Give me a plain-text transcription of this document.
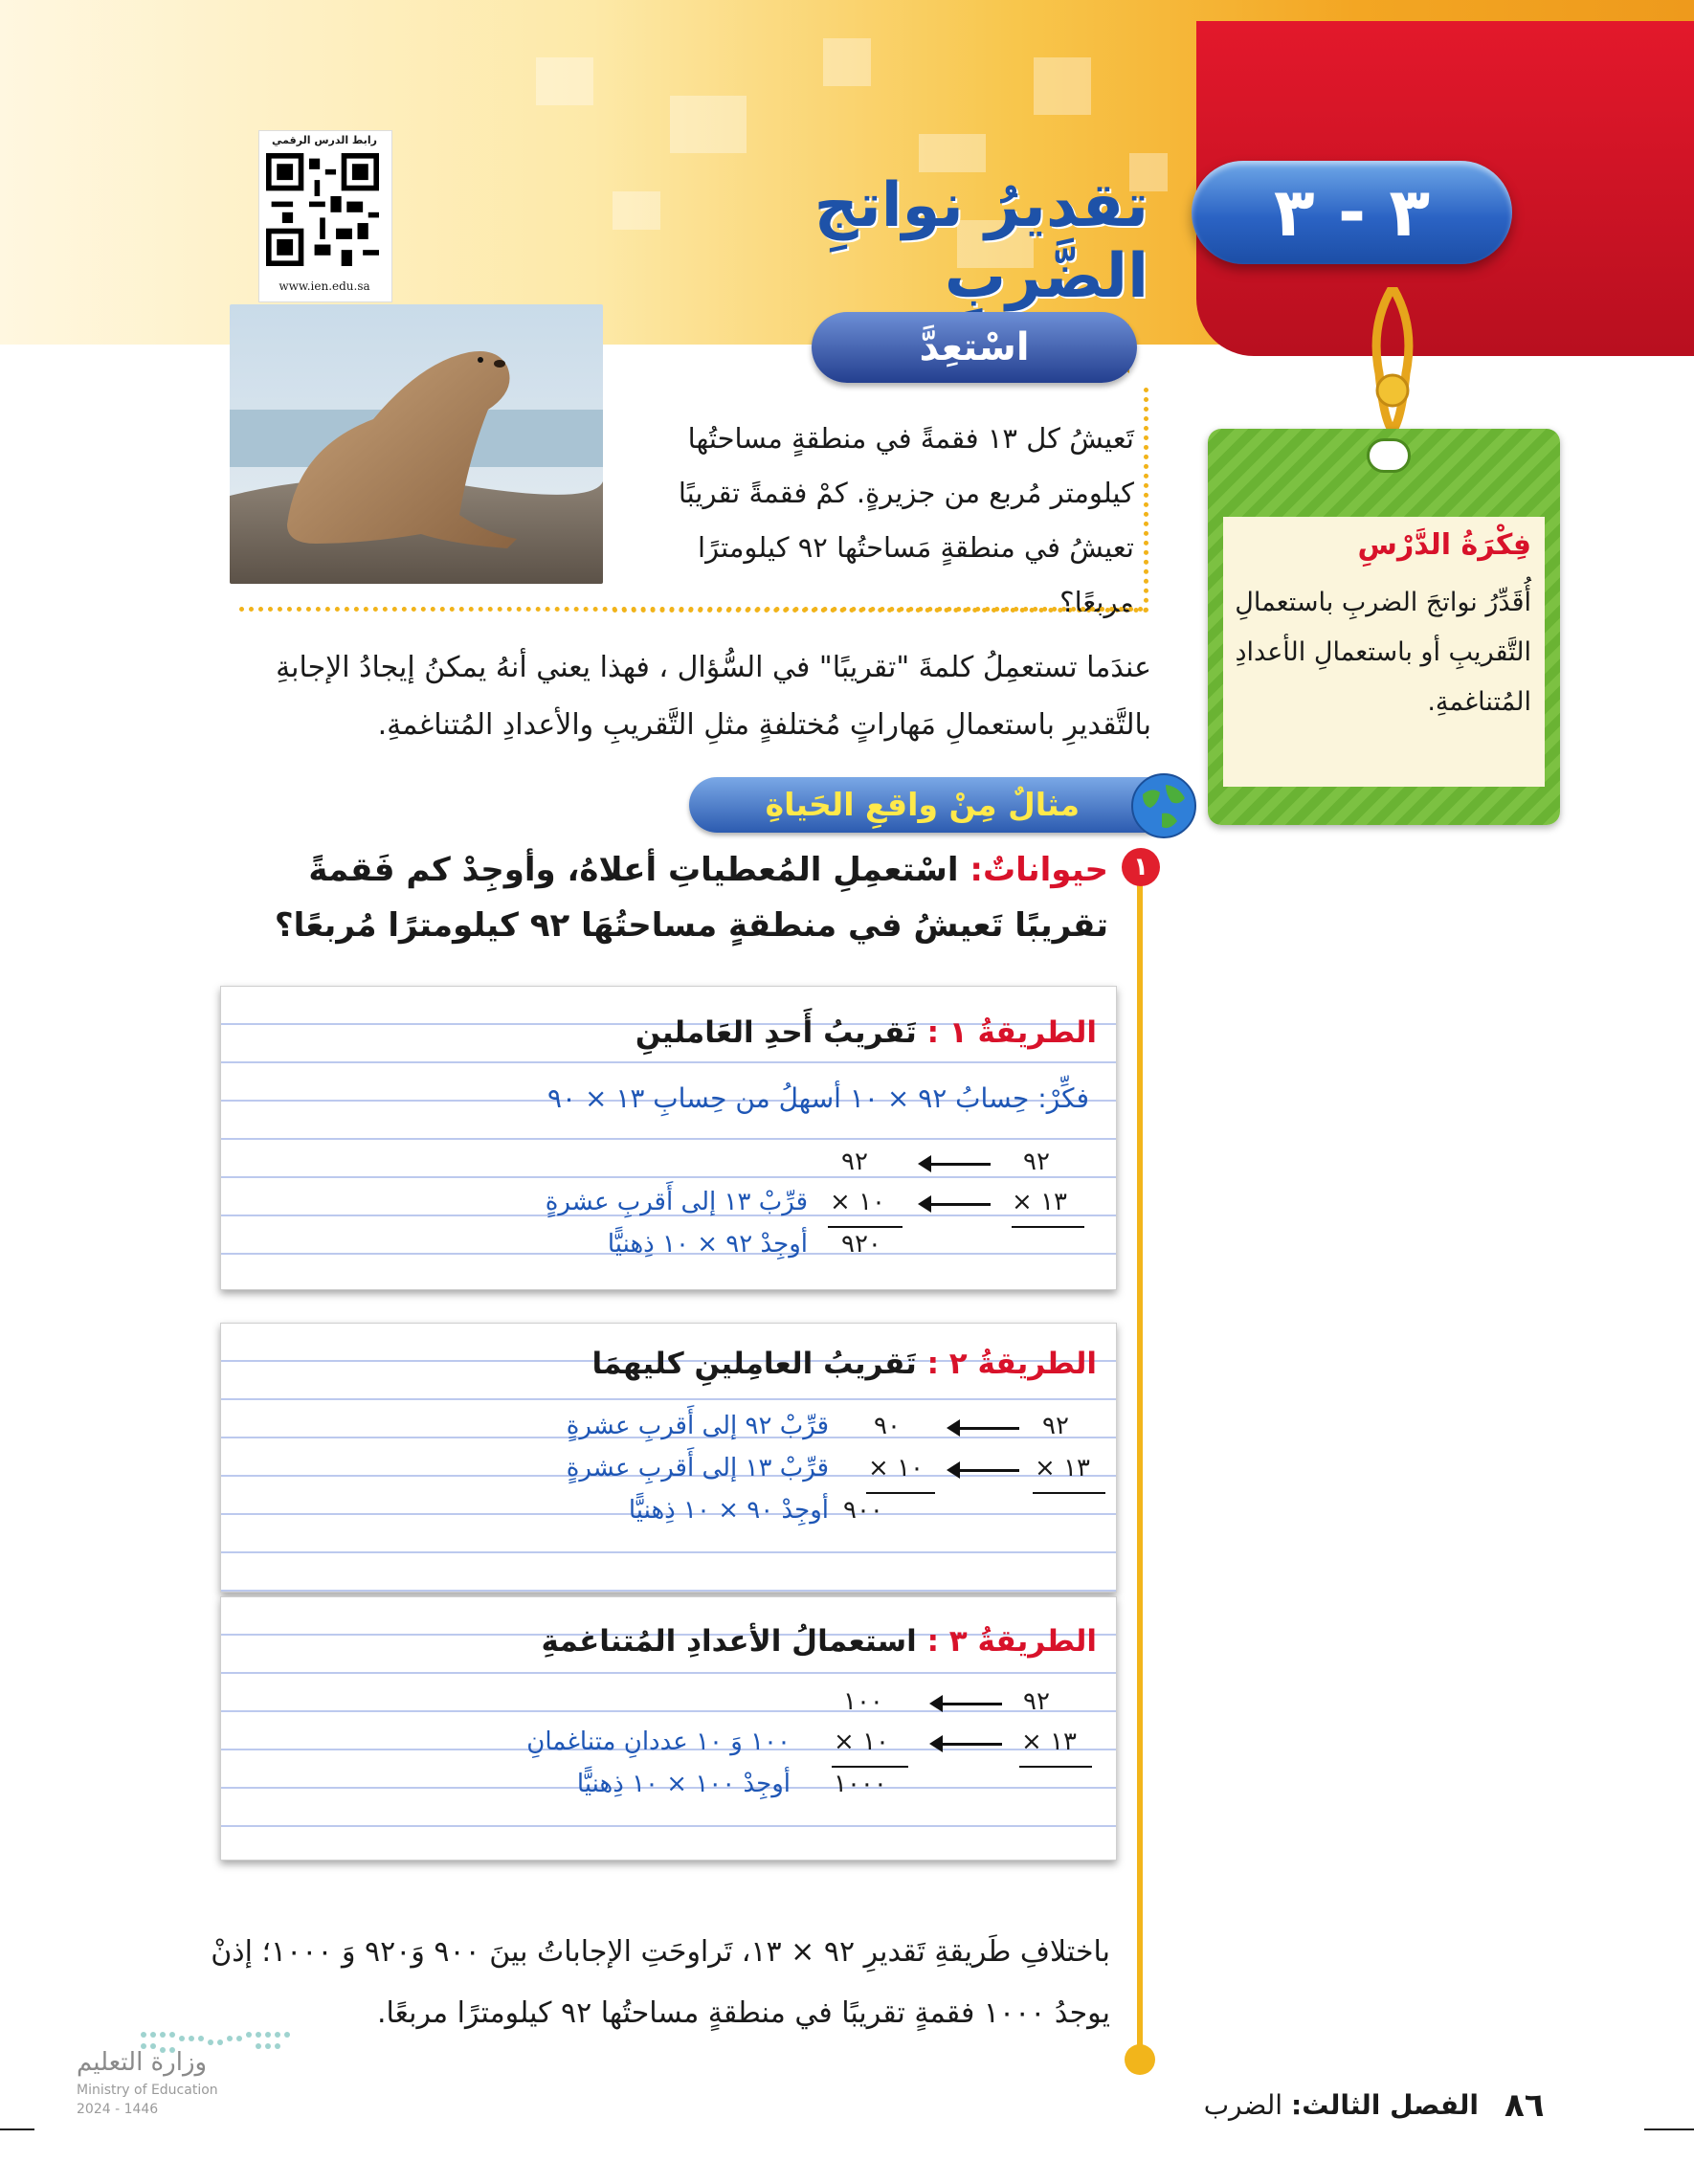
٣ - ٣
تقديرُ نواتجِ الضَّربِ
رابط الدرس الرقمي
www.ien.edu.sa
اسْتعِدَّ
تَعيشُ كل ١٣ فقمةً في منطقةٍ مساحتُها كيلومتر مُربع من جزيرةٍ. كمْ فقمةً تقريبًا تعيشُ في منطقةٍ مَساحتُها ٩٢ كيلومترًا مربعًا؟
عندَما تستعمِلُ كلمةَ "تقريبًا" في السُّؤال ، فهذا يعني أنهُ يمكنُ إيجادُ الإجابةِ بالتَّقديرِ باستعمالِ مَهاراتٍ مُختلفةٍ مثلِ التَّقريبِ والأعدادِ المُتناغمةِ.
فِكْرَةُ الدَّرْسِ
أُقَدِّرُ نواتجَ الضربِ باستعمالِ التَّقريبِ أو باستعمالِ الأعدادِ المُتناغمةِ.
مثالٌ مِنْ واقعِ الحَياةِ
١
حيواناتٌ: اسْتعمِلِ المُعطياتِ أعلاهُ، وأوجِدْ كم فَقمةً تقريبًا تَعيشُ في منطقةٍ مساحتُهَا ٩٢ كيلومترًا مُربعًا؟
الطريقةُ ١ : تَقريبُ أَحدِ العَاملينِ
فكِّرْ: حِسابُ ٩٢ × ١٠ أسهلُ من حِسابِ ١٣ × ٩٠
٩٢
٩٢
× ١٣
× ١٠
قرِّبْ ١٣ إلى أَقربِ عشرةٍ
٩٢٠
أوجِدْ ٩٢ × ١٠ ذِهنيًّا
الطريقةُ ٢ : تَقريبُ العامِلينِ كليهمَا
٩٢
٩٠
قرِّبْ ٩٢ إلى أَقربِ عشرةٍ
× ١٣
× ١٠
قرِّبْ ١٣ إلى أَقربِ عشرةٍ
٩٠٠
أوجِدْ ٩٠ × ١٠ ذِهنيًّا
الطريقةُ ٣ : استعمالُ الأعدادِ المُتناغمةِ
٩٢
١٠٠
× ١٣
× ١٠
١٠٠ وَ ١٠ عددانِ متناغمانِ
١٠٠٠
أوجِدْ ١٠٠ × ١٠ ذِهنيًّا
باختلافِ طَريقةِ تَقديرِ ٩٢ × ١٣، تَراوحَتِ الإجاباتُ بينَ ٩٠٠ وَ٩٢٠ وَ ١٠٠٠؛ إذنْ يوجدُ ١٠٠٠ فقمةٍ تقريبًا في منطقةٍ مساحتُها ٩٢ كيلومترًا مربعًا.
وزارة التعليم
Ministry of Education
2024 - 1446	الفصل الثالث: الضرب	٨٦
